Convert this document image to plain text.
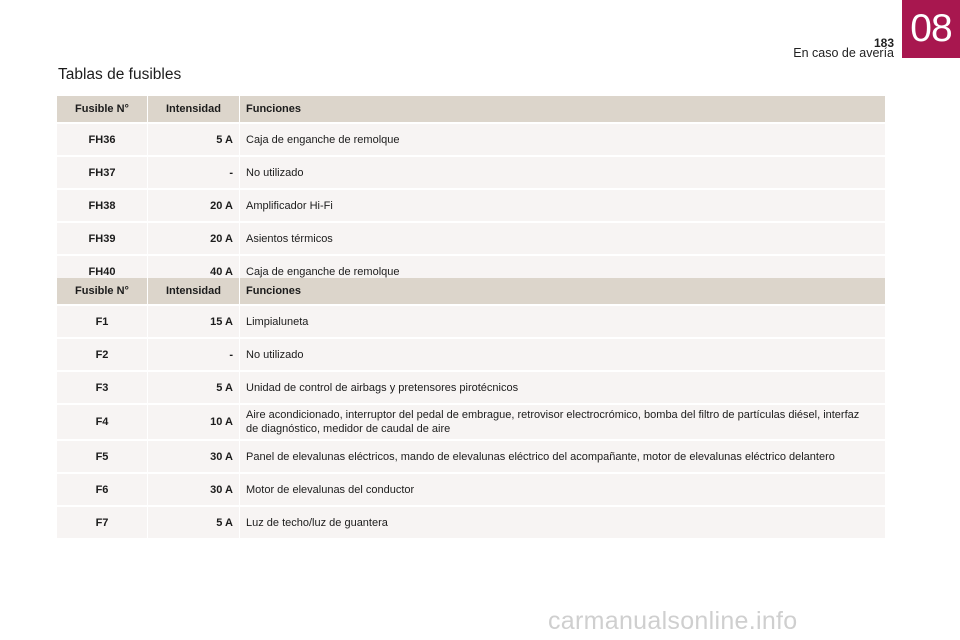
183
En caso de avería
08
Tablas de fusibles
Fusible N°	Intensidad	Funciones
FH36	5 A	Caja de enganche de remolque
FH37	-	No utilizado
FH38	20 A	Amplificador Hi-Fi
FH39	20 A	Asientos térmicos
FH40	40 A	Caja de enganche de remolque
Fusible N°	Intensidad	Funciones
F1	15 A	Limpialuneta
F2	-	No utilizado
F3	5 A	Unidad de control de airbags y pretensores pirotécnicos
F4	10 A	Aire acondicionado, interruptor del pedal de embrague, retrovisor electrocrómico, bomba del filtro de partículas diésel, interfaz de diagnóstico, medidor de caudal de aire
F5	30 A	Panel de elevalunas eléctricos, mando de elevalunas eléctrico del acompañante, motor de elevalunas eléctrico delantero
F6	30 A	Motor de elevalunas del conductor
F7	5 A	Luz de techo/luz de guantera
carmanualsonline.info
